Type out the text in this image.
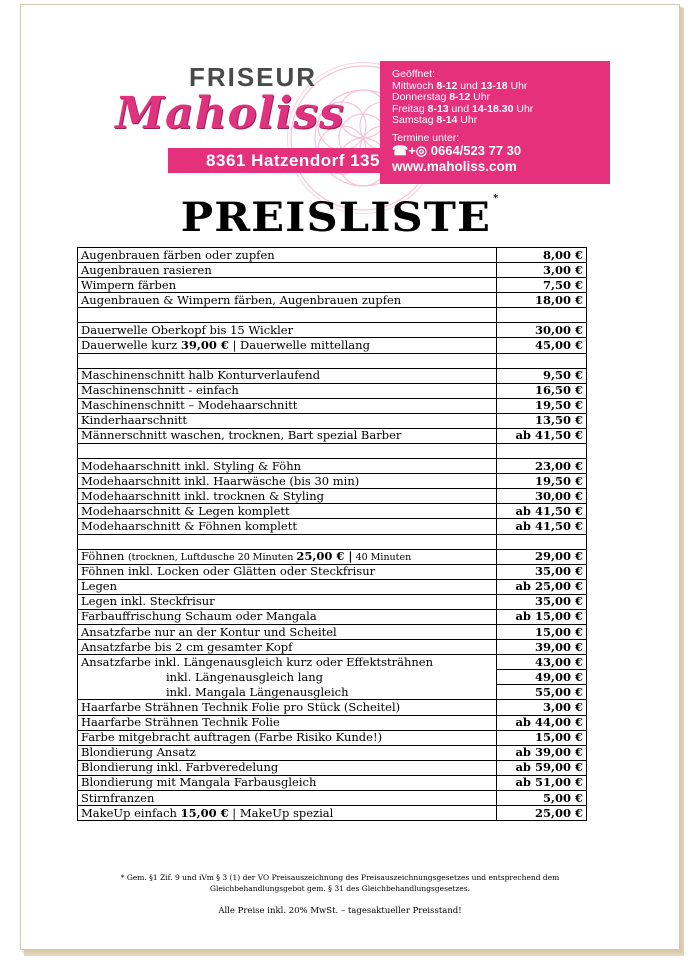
FRISEUR
Maholiss
8361 Hatzendorf 135
Geöffnet:
Mittwoch 8-12 und 13-18 Uhr
Donnerstag 8-12 Uhr
Freitag 8-13 und 14-18.30 Uhr
Samstag 8-14 Uhr
Termine unter:
☎+◎ 0664/523 77 30
www.maholiss.com
PREISLISTE *
Augenbrauen färben oder zupfen	8,00 €
Augenbrauen rasieren	3,00 €
Wimpern färben	7,50 €
Augenbrauen & Wimpern färben, Augenbrauen zupfen	18,00 €

Dauerwelle Oberkopf bis 15 Wickler	30,00 €
Dauerwelle kurz 39,00 € | Dauerwelle mittellang	45,00 €

Maschinenschnitt halb Konturverlaufend	9,50 €
Maschinenschnitt - einfach	16,50 €
Maschinenschnitt – Modehaarschnitt	19,50 €
Kinderhaarschnitt	13,50 €
Männerschnitt waschen, trocknen, Bart spezial Barber	ab 41,50 €

Modehaarschnitt inkl. Styling & Föhn	23,00 €
Modehaarschnitt inkl. Haarwäsche (bis 30 min)	19,50 €
Modehaarschnitt inkl. trocknen & Styling	30,00 €
Modehaarschnitt & Legen komplett	ab 41,50 €
Modehaarschnitt & Föhnen komplett	ab 41,50 €

Föhnen (trocknen, Luftdusche 20 Minuten 25,00 € | 40 Minuten	29,00 €
Föhnen inkl. Locken oder Glätten oder Steckfrisur	35,00 €
Legen	ab 25,00 €
Legen inkl. Steckfrisur	35,00 €
Farbauffrischung Schaum oder Mangala	ab 15,00 €
Ansatzfarbe nur an der Kontur und Scheitel	15,00 €
Ansatzfarbe bis 2 cm gesamter Kopf	39,00 €
Ansatzfarbe inkl. Längenausgleich kurz oder Effektsträhnen	43,00 €
inkl. Längenausgleich lang	49,00 €
inkl. Mangala Längenausgleich	55,00 €
Haarfarbe Strähnen Technik Folie pro Stück (Scheitel)	3,00 €
Haarfarbe Strähnen Technik Folie	ab 44,00 €
Farbe mitgebracht auftragen (Farbe Risiko Kunde!)	15,00 €
Blondierung Ansatz	ab 39,00 €
Blondierung inkl. Farbveredelung	ab 59,00 €
Blondierung mit Mangala Farbausgleich	ab 51,00 €
Stirnfranzen	5,00 €
MakeUp einfach 15,00 € | MakeUp spezial	25,00 €
* Gem. §1 Zif. 9 und iVm § 3 (1) der VO Preisauszeichnung des Preisauszeichnungsgesetzes und entsprechend dem Gleichbehandlungsgebot gem. § 31 des Gleichbehandlungsgesetzes.
Alle Preise inkl. 20% MwSt. – tagesaktueller Preisstand!
